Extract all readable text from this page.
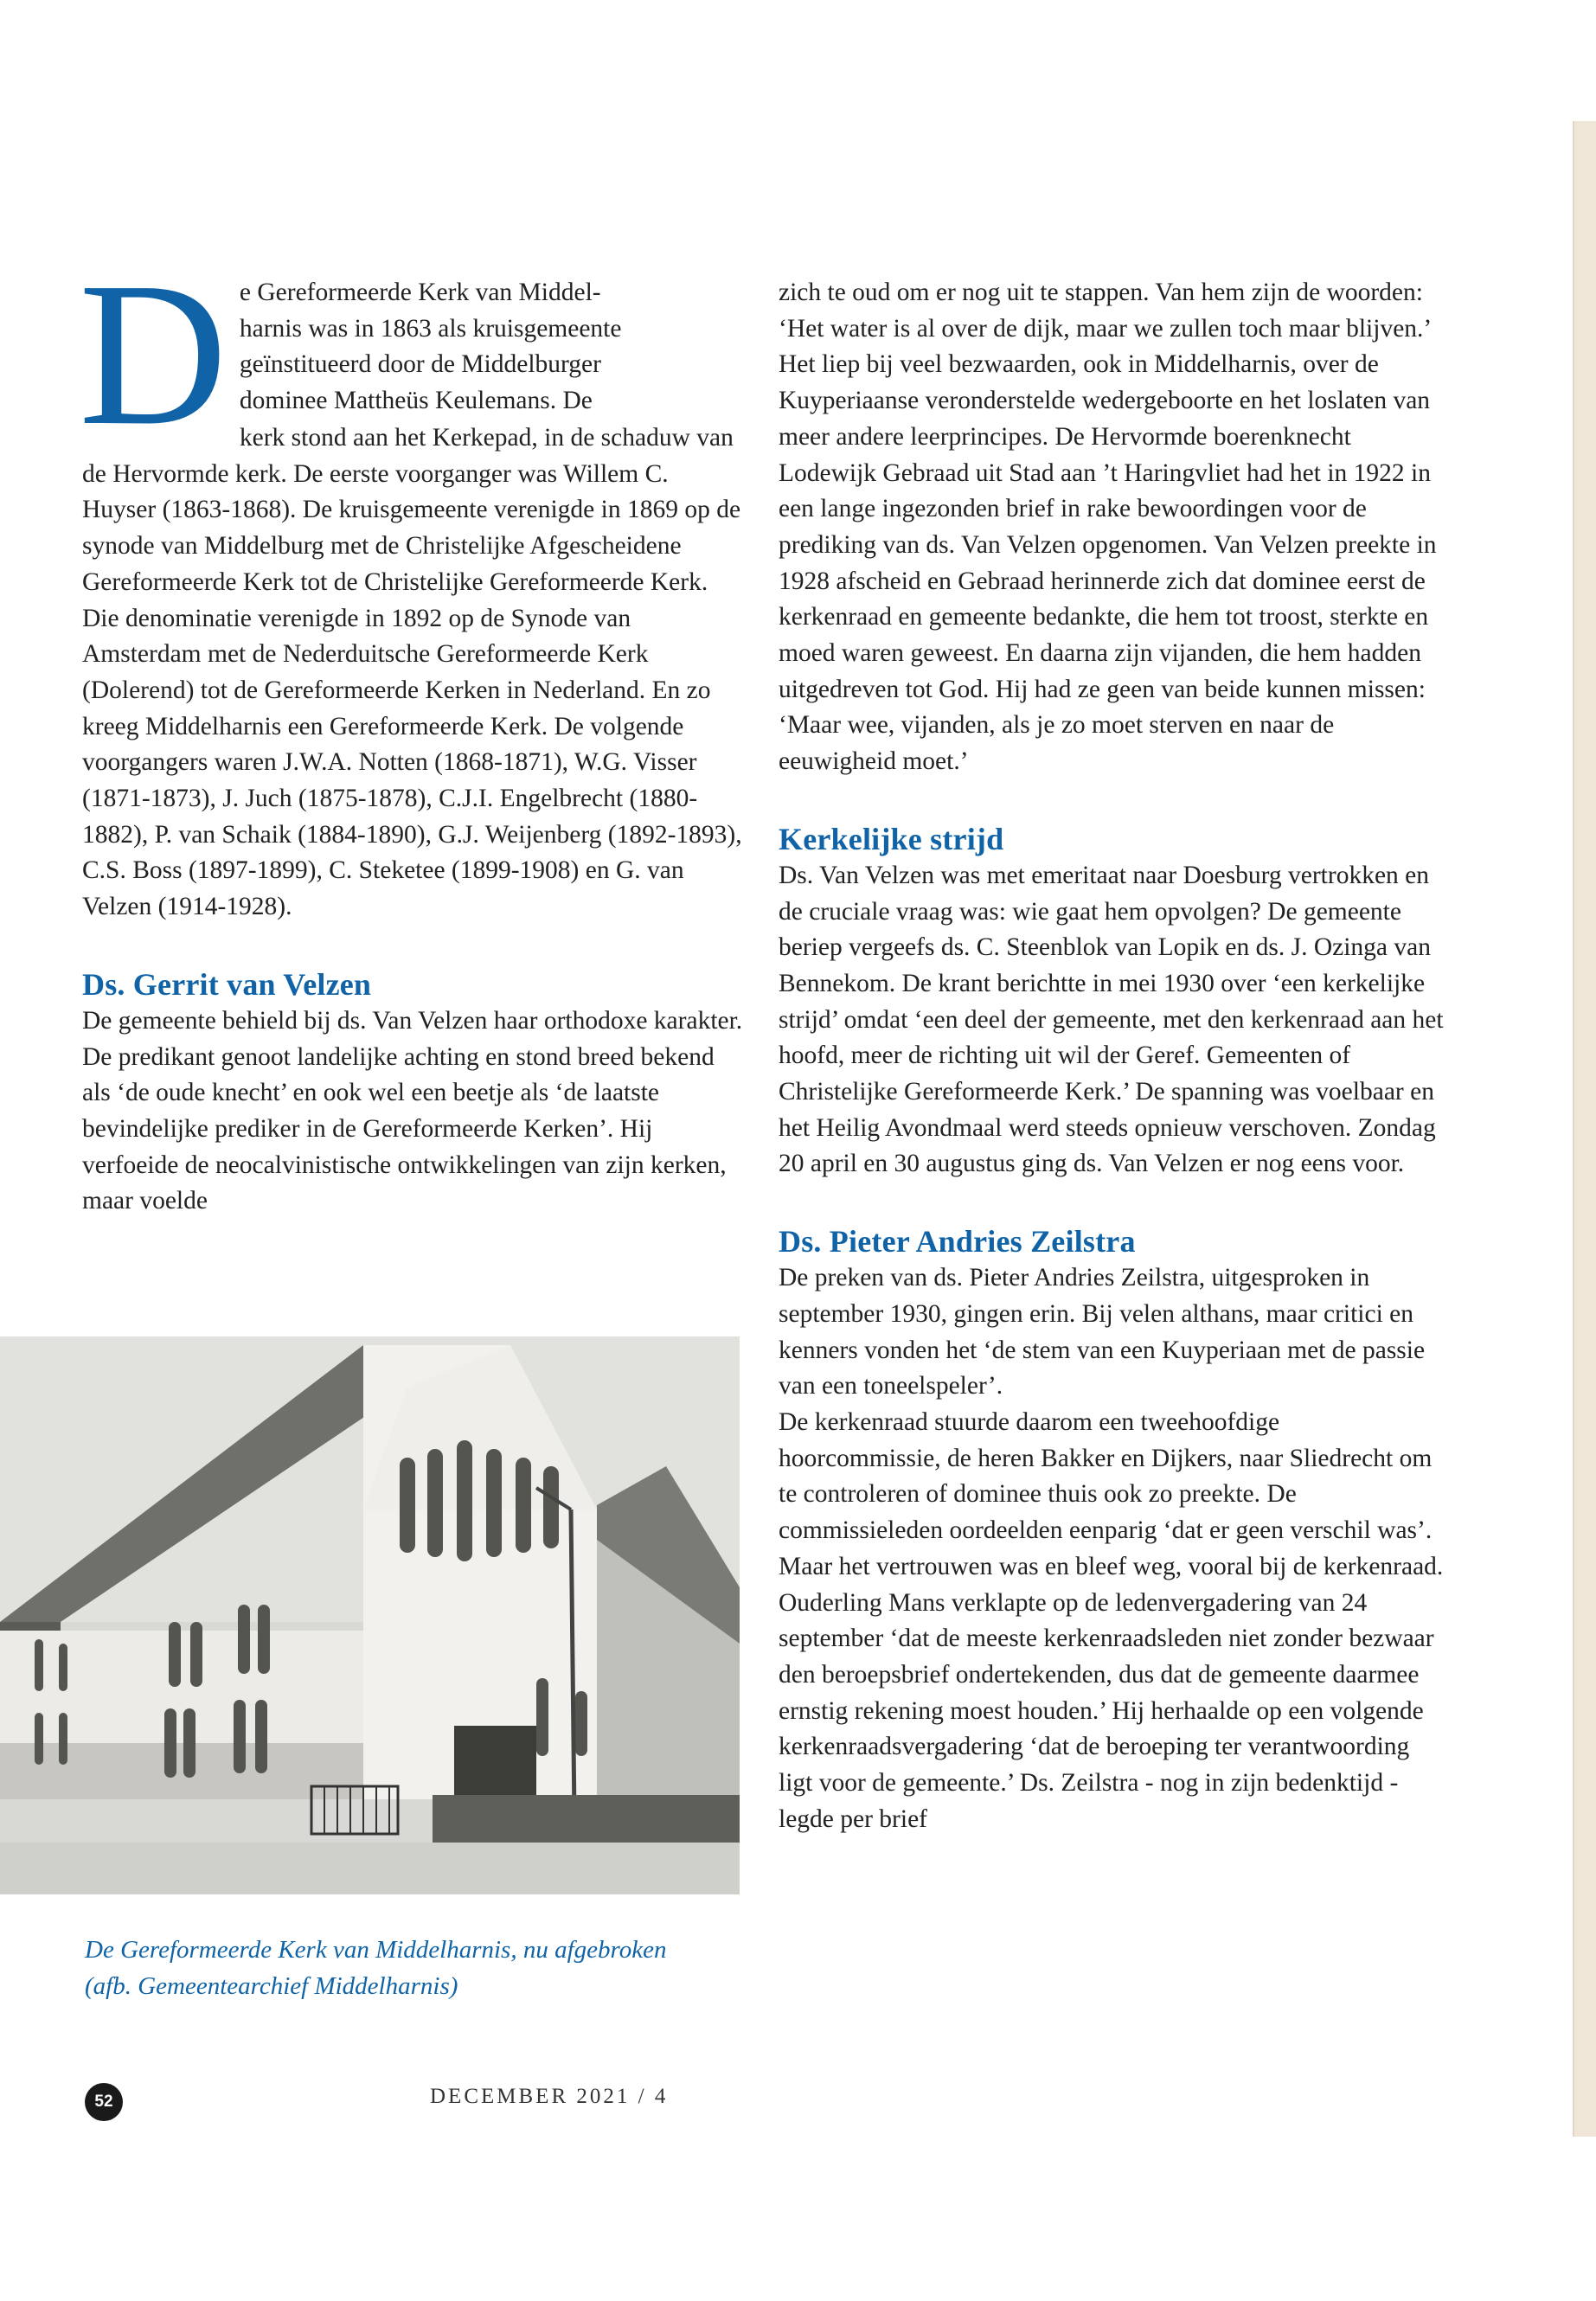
D e Gereformeerde Kerk van Middel-
harnis was in 1863 als kruisgemeente
geïnstitueerd door de Middelburger
dominee Mattheüs Keulemans. De

kerk stond aan het Kerkepad, in de schaduw van de Hervormde kerk. De eerste voorganger was Willem C. Huyser (1863-1868). De kruisgemeente verenigde in 1869 op de synode van Middelburg met de Christelijke Afgescheidene Gereformeerde Kerk tot de Christelijke Gereformeerde Kerk. Die denominatie verenigde in 1892 op de Synode van Amsterdam met de Nederduitsche Gereformeerde Kerk (Dolerend) tot de Gereformeerde Kerken in Nederland. En zo kreeg Middelharnis een Gereformeerde Kerk. De volgende voorgangers waren J.W.A. Notten (1868-1871), W.G. Visser (1871-1873), J. Juch (1875-1878), C.J.I. Engelbrecht (1880-1882), P. van Schaik (1884-1890), G.J. Weijenberg (1892-1893), C.S. Boss (1897-1899), C. Steketee (1899-1908) en G. van Velzen (1914-1928).

Ds. Gerrit van Velzen

De gemeente behield bij ds. Van Velzen haar orthodoxe karakter. De predikant genoot landelijke achting en stond breed bekend als ‘de oude knecht’ en ook wel een beetje als ‘de laatste bevindelijke prediker in de Gereformeerde Kerken’. Hij verfoeide de neocalvinistische ontwikkelingen van zijn kerken, maar voelde

De Gereformeerde Kerk van Middelharnis, nu afgebroken
(afb. Gemeentearchief Middelharnis)

zich te oud om er nog uit te stappen. Van hem zijn de woorden: ‘Het water is al over de dijk, maar we zullen toch maar blijven.’ Het liep bij veel bezwaarden, ook in Middelharnis, over de Kuyperiaanse veronderstelde wedergeboorte en het loslaten van meer andere leerprincipes. De Hervormde boerenknecht Lodewijk Gebraad uit Stad aan ’t Haringvliet had het in 1922 in een lange ingezonden brief in rake bewoordingen voor de prediking van ds. Van Velzen opgenomen. Van Velzen preekte in 1928 afscheid en Gebraad herinnerde zich dat dominee eerst de kerkenraad en gemeente bedankte, die hem tot troost, sterkte en moed waren geweest. En daarna zijn vijanden, die hem hadden uitgedreven tot God. Hij had ze geen van beide kunnen missen: ‘Maar wee, vijanden, als je zo moet sterven en naar de eeuwigheid moet.’

Kerkelijke strijd

Ds. Van Velzen was met emeritaat naar Doesburg vertrokken en de cruciale vraag was: wie gaat hem opvolgen? De gemeente beriep vergeefs ds. C. Steenblok van Lopik en ds. J. Ozinga van Bennekom. De krant berichtte in mei 1930 over ‘een kerkelijke strijd’ omdat ‘een deel der gemeente, met den kerkenraad aan het hoofd, meer de richting uit wil der Geref. Gemeenten of Christelijke Gereformeerde Kerk.’ De spanning was voelbaar en het Heilig Avondmaal werd steeds opnieuw verschoven. Zondag 20 april en 30 augustus ging ds. Van Velzen er nog eens voor.

Ds. Pieter Andries Zeilstra

De preken van ds. Pieter Andries Zeilstra, uitgesproken in september 1930, gingen erin. Bij velen althans, maar critici en kenners vonden het ‘de stem van een Kuyperiaan met de passie van een toneelspeler’.

De kerkenraad stuurde daarom een tweehoofdige hoorcommissie, de heren Bakker en Dijkers, naar Sliedrecht om te controleren of dominee thuis ook zo preekte. De commissieleden oordeelden eenparig ‘dat er geen verschil was’. Maar het vertrouwen was en bleef weg, vooral bij de kerkenraad. Ouderling Mans verklapte op de ledenvergadering van 24 september ‘dat de meeste kerkenraadsleden niet zonder bezwaar den beroepsbrief ondertekenden, dus dat de gemeente daarmee ernstig rekening moest houden.’ Hij herhaalde op een volgende kerkenraadsvergadering ‘dat de beroeping ter verantwoording ligt voor de gemeente.’ Ds. Zeilstra - nog in zijn bedenktijd - legde per brief

52	DECEMBER 2021 / 4
